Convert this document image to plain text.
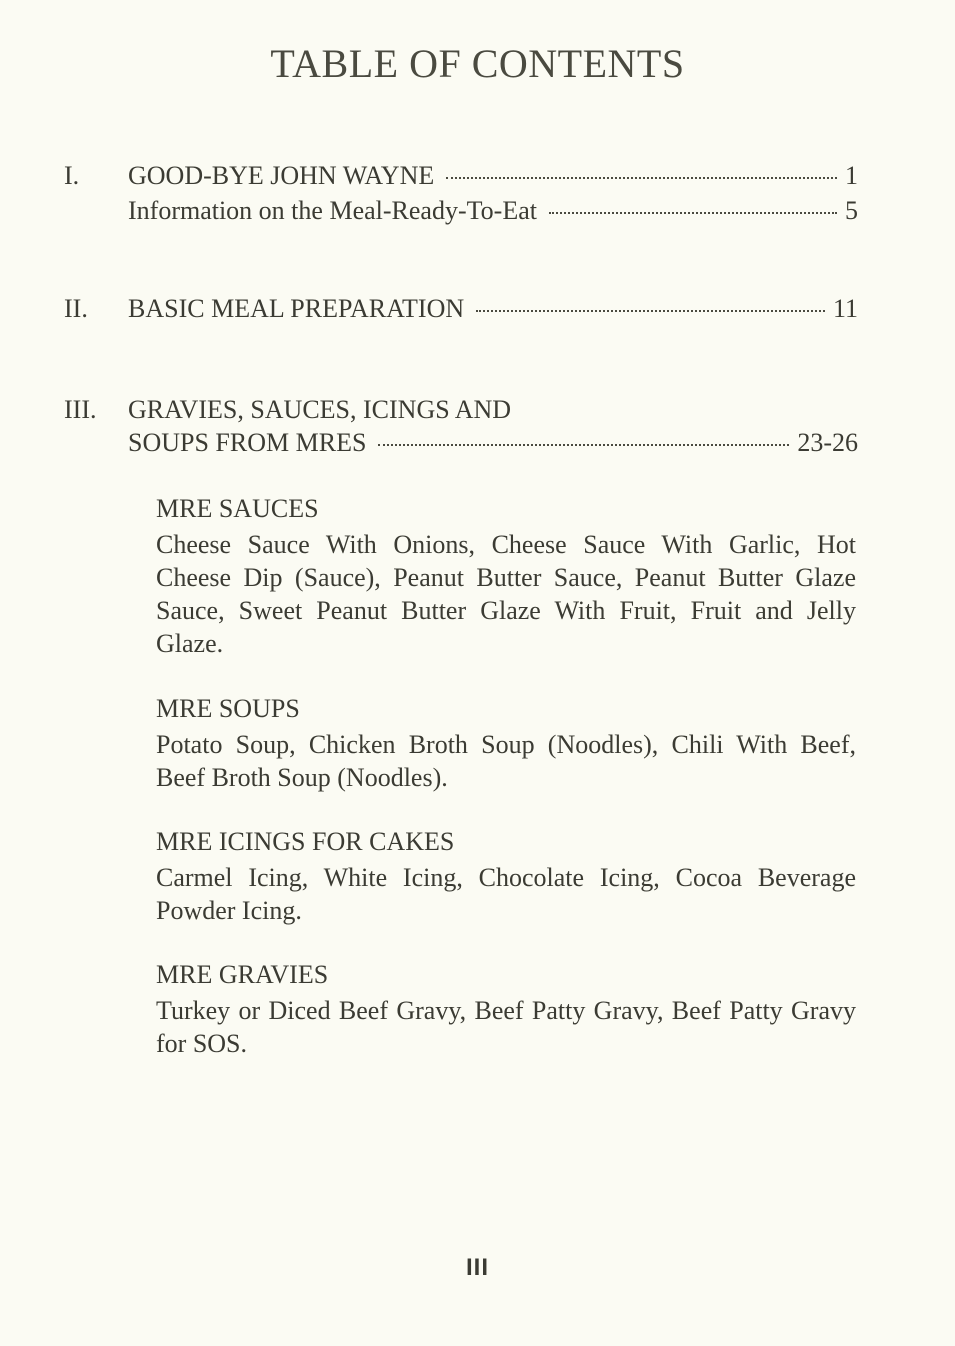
TABLE OF CONTENTS
I. GOOD-BYE JOHN WAYNE	1
Information on the Meal-Ready-To-Eat	5
II. BASIC MEAL PREPARATION	11
III. GRAVIES, SAUCES, ICINGS AND
SOUPS FROM MRES	23-26
MRE SAUCES
Cheese Sauce With Onions, Cheese Sauce With Garlic, Hot Cheese Dip (Sauce), Peanut Butter Sauce, Peanut Butter Glaze Sauce, Sweet Peanut Butter Glaze With Fruit, Fruit and Jelly Glaze.
MRE SOUPS
Potato Soup, Chicken Broth Soup (Noodles), Chili With Beef, Beef Broth Soup (Noodles).
MRE ICINGS FOR CAKES
Carmel Icing, White Icing, Chocolate Icing, Cocoa Beverage Powder Icing.
MRE GRAVIES
Turkey or Diced Beef Gravy, Beef Patty Gravy, Beef Patty Gravy for SOS.
III
